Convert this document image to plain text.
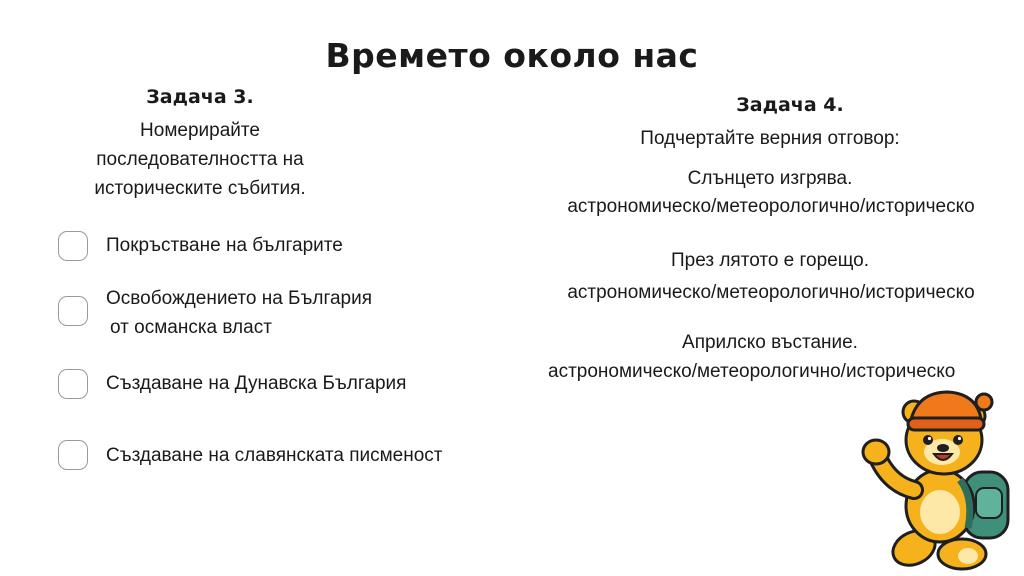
Времето около нас
Задача 3.
Номерирайте
последователността на
историческите събития.
Покръстване на българите
Освобождението на България
от османска власт
Създаване на Дунавска България
Създаване на славянската писменост
Задача 4.
Подчертайте верния отговор:
Слънцето изгрява.
астрономическо/метеорологично/историческо
През лятото е горещо.
астрономическо/метеорологично/историческо
Априлско въстание.
астрономическо/метеорологично/историческо
